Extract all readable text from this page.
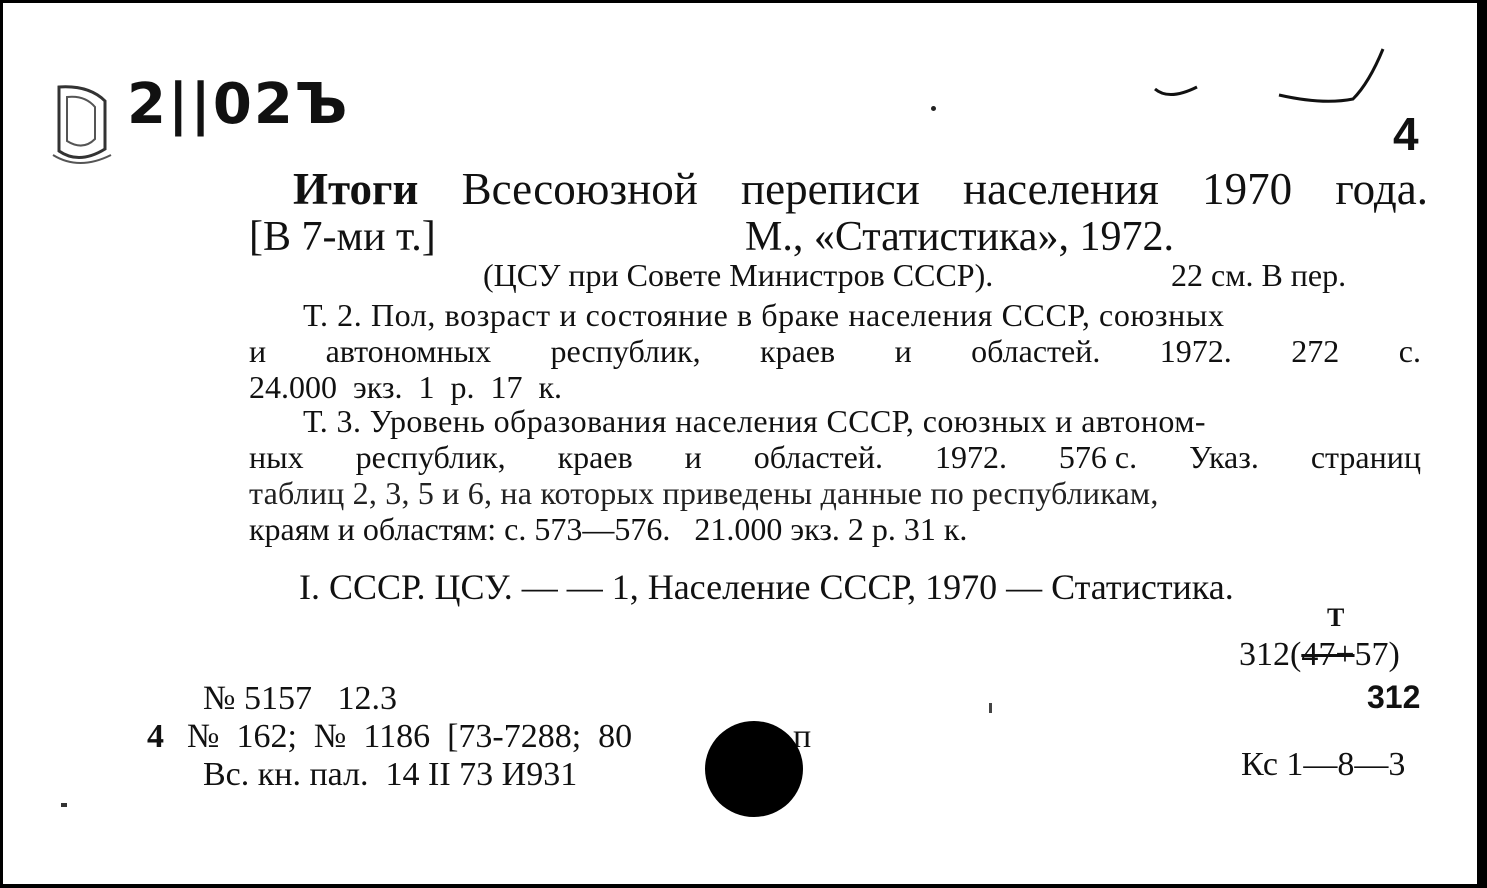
2||02Ъ	4
Итоги Всесоюзной переписи населения 1970 года.
[В 7-ми т.]	М., «Статистика», 1972.
(ЦСУ при Совете Министров СССР).	22 см. В пер.
Т. 2. Пол, возраст и состояние в браке населения СССР, союзных
и автономных республик, краев и областей. 1972. 272 с.
24.000  экз.  1  р.  17  к.
Т. 3. Уровень образования населения СССР, союзных и автоном-
ных республик, краев и областей. 1972. 576 с. Указ. страниц
таблиц 2, 3, 5 и 6, на которых приведены данные по республикам,
краям и областям: с. 573—576.   21.000 экз. 2 р. 31 к.
I. СССР. ЦСУ. — — 1, Население СССР, 1970 — Статистика.
Т
312(47+57)
312
Кс 1—8—3
№ 5157   12.3
4 №  162;  №  1186  [73-7288;  80	п
Вс. кн. пал.  14 II 73 И931
